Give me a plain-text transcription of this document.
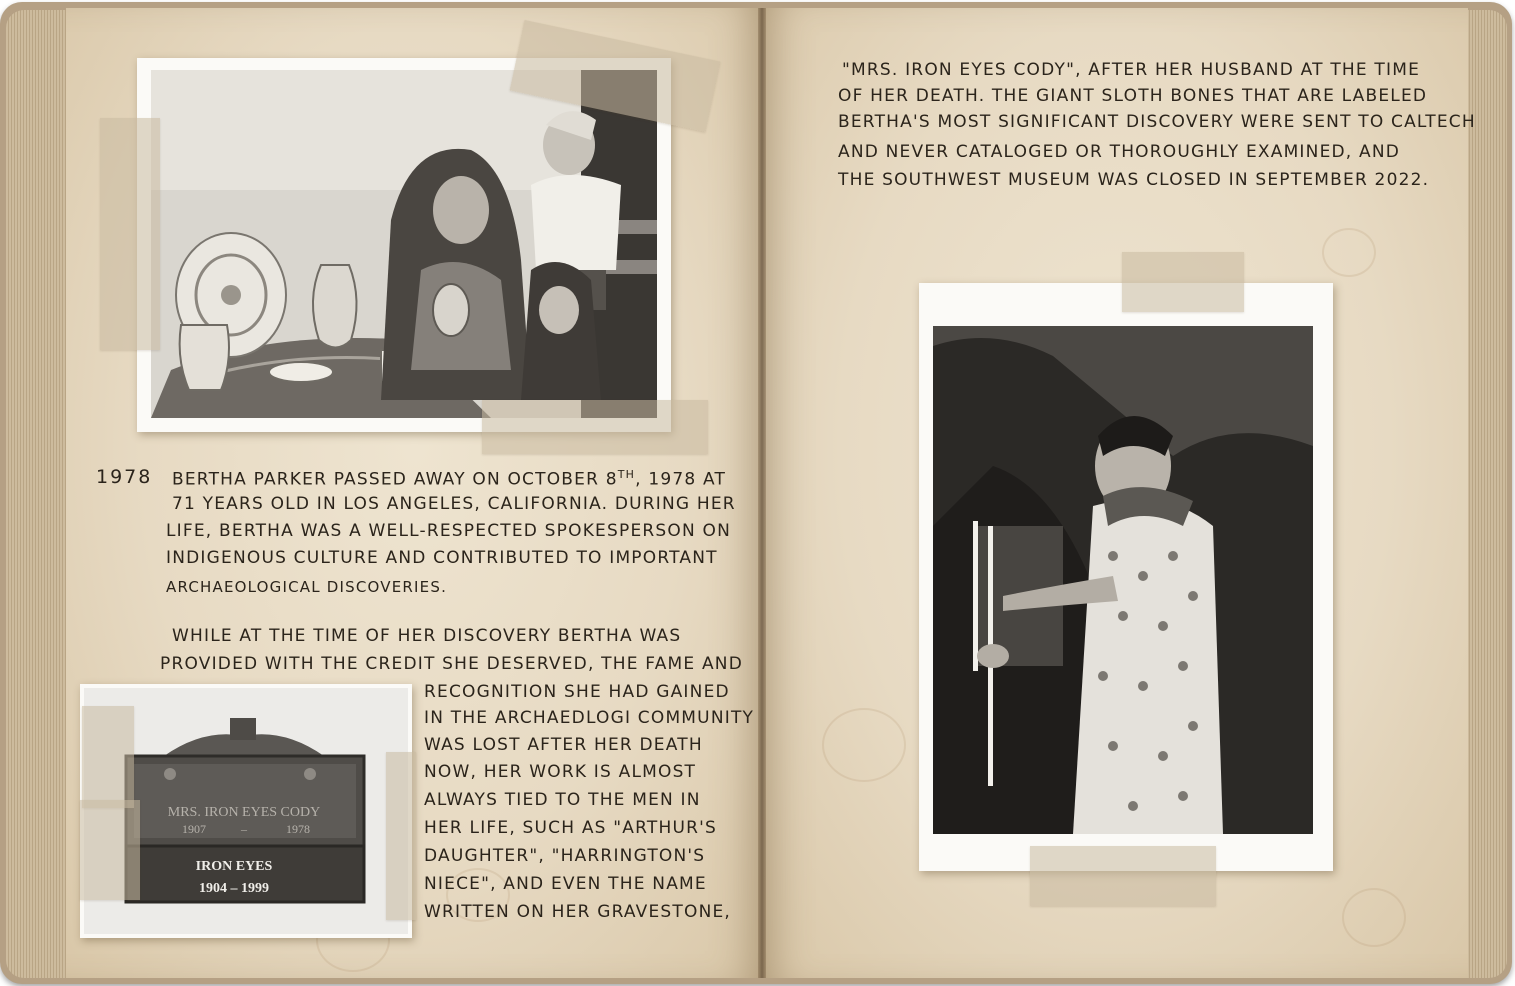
1978 BERTHA PARKER PASSED AWAY ON OCTOBER 8TH, 1978 AT
71 YEARS OLD IN LOS ANGELES, CALIFORNIA. DURING HER
LIFE, BERTHA WAS A WELL-RESPECTED SPOKESPERSON ON
INDIGENOUS CULTURE AND CONTRIBUTED TO IMPORTANT
ARCHAEOLOGICAL DISCOVERIES.
WHILE AT THE TIME OF HER DISCOVERY BERTHA WAS
PROVIDED WITH THE CREDIT SHE DESERVED, THE FAME AND
RECOGNITION SHE HAD GAINED
IN THE ARCHAEDLOGI COMMUNITY
WAS LOST AFTER HER DEATH
NOW, HER WORK IS ALMOST
ALWAYS TIED TO THE MEN IN
HER LIFE, SUCH AS "ARTHUR'S
DAUGHTER", "HARRINGTON'S
NIECE", AND EVEN THE NAME
WRITTEN ON HER GRAVESTONE,
MRS. IRON EYES CODY
1907	–	1978
IRON EYES
1904 – 1999
"MRS. IRON EYES CODY", AFTER HER HUSBAND AT THE TIME
OF HER DEATH. THE GIANT SLOTH BONES THAT ARE LABELED
BERTHA'S MOST SIGNIFICANT DISCOVERY WERE SENT TO CALTECH
AND NEVER CATALOGED OR THOROUGHLY EXAMINED, AND
THE SOUTHWEST MUSEUM WAS CLOSED IN SEPTEMBER 2022.
